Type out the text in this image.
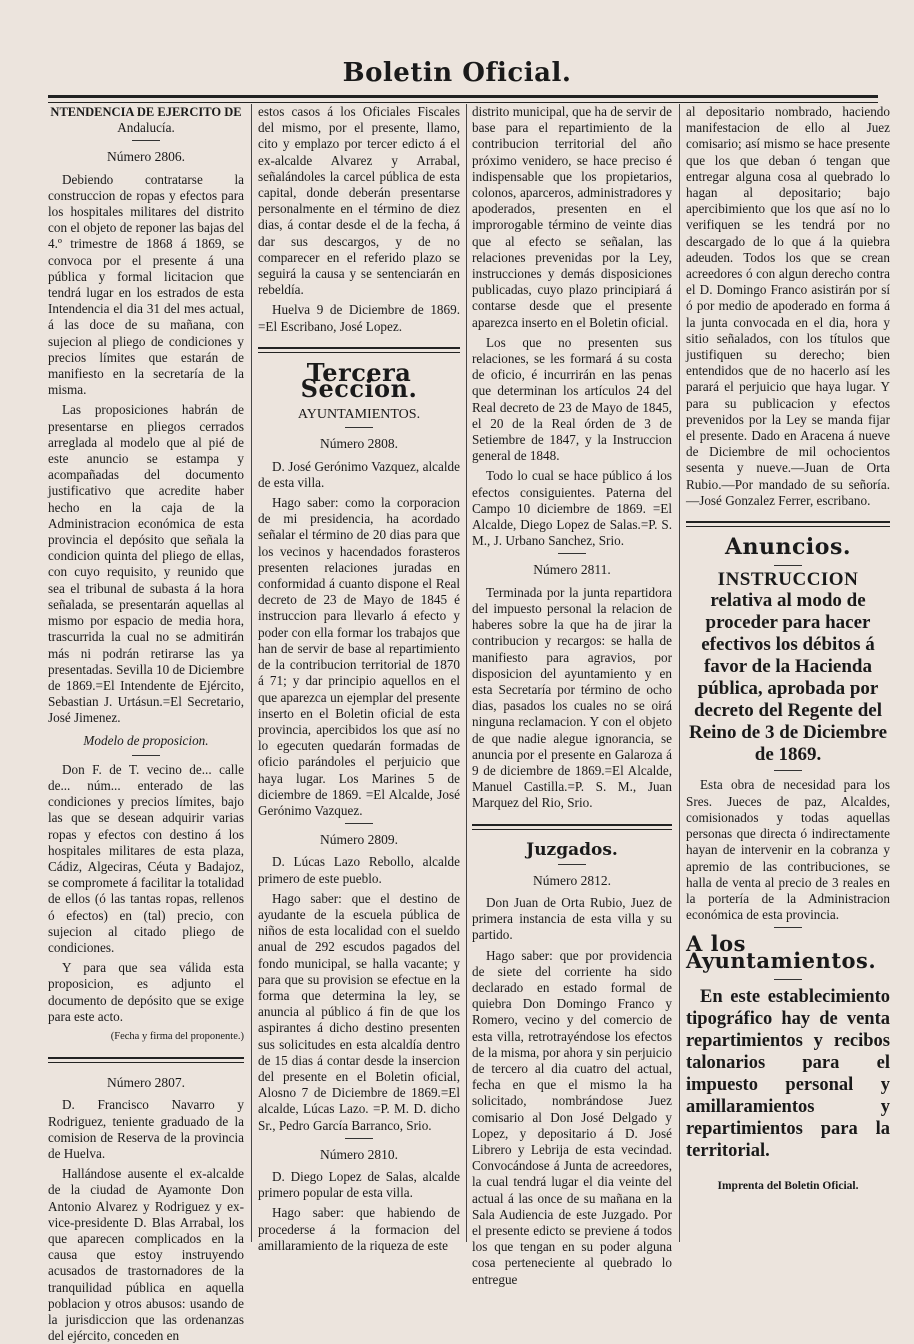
Boletin Oficial.
NTENDENCIA DE EJERCITO DE
Andalucía.
Número 2806.

Debiendo contratarse la construccion de ropas y efectos para los hospitales militares del distrito con el objeto de reponer las bajas del 4.º trimestre de 1868 á 1869, se convoca por el presente á una pública y formal licitacion que tendrá lugar en los estrados de esta Intendencia el dia 31 del mes actual, á las doce de su mañana, con sujecion al pliego de condiciones y precios límites que estarán de manifiesto en la secretaría de la misma.

Las proposiciones habrán de presentarse en pliegos cerrados arreglada al modelo que al pié de este anuncio se estampa y acompañadas del documento justificativo que acredite haber hecho en la caja de la Administracion económica de esta provincia el depósito que señala la condicion quinta del pliego de ellas, con cuyo requisito, y reunido que sea el tribunal de subasta á la hora señalada, se presentarán aquellas al mismo por espacio de media hora, trascurrida la cual no se admitirán más ni podrán retirarse las ya presentadas. Sevilla 10 de Diciembre de 1869.=El Intendente de Ejército, Sebastian J. Urtásun.=El Secretario, José Jimenez.

Modelo de proposicion.

Don F. de T. vecino de... calle de... núm... enterado de las condiciones y precios límites, bajo las que se desean adquirir varias ropas y efectos con destino á los hospitales militares de esta plaza, Cádiz, Algeciras, Céuta y Badajoz, se compromete á facilitar la totalidad de ellos (ó las tantas ropas, rellenos ó efectos) en (tal) precio, con sujecion al citado pliego de condiciones.

Y para que sea válida esta proposicion, es adjunto el documento de depósito que se exige para este acto.

(Fecha y firma del proponente.)
Número 2807.

D. Francisco Navarro y Rodriguez, teniente graduado de la comision de Reserva de la provincia de Huelva.

Hallándose ausente el ex-alcalde de la ciudad de Ayamonte Don Antonio Alvarez y Rodriguez y ex-vice-presidente D. Blas Arrabal, los que aparecen complicados en la causa que estoy instruyendo acusados de trastornadores de la tranquilidad pública en aquella poblacion y otros abusos: usando de la jurisdiccion que las ordenanzas del ejército, conceden en

estos casos á los Oficiales Fiscales del mismo, por el presente, llamo, cito y emplazo por tercer edicto á el ex-alcalde Alvarez y Arrabal, señalándoles la carcel pública de esta capital, donde deberán presentarse personalmente en el término de diez dias, á contar desde el de la fecha, á dar sus descargos, y de no comparecer en el referido plazo se seguirá la causa y se sentenciarán en rebeldía.

Huelva 9 de Diciembre de 1869. =El Escribano, José Lopez.

Tercera Seccion.
AYUNTAMIENTOS.
Número 2808.

D. José Gerónimo Vazquez, alcalde de esta villa.

Hago saber: como la corporacion de mi presidencia, ha acordado señalar el término de 20 dias para que los vecinos y hacendados forasteros presenten relaciones juradas en conformidad á cuanto dispone el Real decreto de 23 de Mayo de 1845 é instruccion para llevarlo á efecto y poder con ella formar los trabajos que han de servir de base al repartimiento de la contribucion territorial de 1870 á 71; y dar principio aquellos en el que aparezca un ejemplar del presente inserto en el Boletin oficial de esta provincia, apercibidos los que así no lo egecuten quedarán formadas de oficio parándoles el perjuicio que haya lugar. Los Marines 5 de diciembre de 1869. =El Alcalde, José Gerónimo Vazquez.

Número 2809.

D. Lúcas Lazo Rebollo, alcalde primero de este pueblo.

Hago saber: que el destino de ayudante de la escuela pública de niños de esta localidad con el sueldo anual de 292 escudos pagados del fondo municipal, se halla vacante; y para que su provision se efectue en la forma que determina la ley, se anuncia al público á fin de que los aspirantes á dicho destino presenten sus solicitudes en esta alcaldía dentro de 15 dias á contar desde la insercion del presente en el Boletin oficial, Alosno 7 de Diciembre de 1869.=El alcalde, Lúcas Lazo. =P. M. D. dicho Sr., Pedro García Barranco, Srio.

Número 2810.

D. Diego Lopez de Salas, alcalde primero popular de esta villa.

Hago saber: que habiendo de procederse á la formacion del amillaramiento de la riqueza de este

distrito municipal, que ha de servir de base para el repartimiento de la contribucion territorial del año próximo venidero, se hace preciso é indispensable que los propietarios, colonos, aparceros, administradores y apoderados, presenten en el improrogable término de veinte dias que al efecto se señalan, las relaciones prevenidas por la Ley, instrucciones y demás disposiciones publicadas, cuyo plazo principiará á contarse desde que el presente aparezca inserto en el Boletin oficial.

Los que no presenten sus relaciones, se les formará á su costa de oficio, é incurrirán en las penas que determinan los artículos 24 del Real decreto de 23 de Mayo de 1845, el 20 de la Real órden de 3 de Setiembre de 1847, y la Instruccion general de 1848.

Todo lo cual se hace público á los efectos consiguientes. Paterna del Campo 10 diciembre de 1869. =El Alcalde, Diego Lopez de Salas.=P. S. M., J. Urbano Sanchez, Srio.

Número 2811.

Terminada por la junta repartidora del impuesto personal la relacion de haberes sobre la que ha de jirar la contribucion y recargos: se halla de manifiesto para agravios, por disposicion del ayuntamiento y en esta Secretaría por término de ocho dias, pasados los cuales no se oirá ninguna reclamacion. Y con el objeto de que nadie alegue ignorancia, se anuncia por el presente en Galaroza á 9 de diciembre de 1869.=El Alcalde, Manuel Castilla.=P. S. M., Juan Marquez del Rio, Srio.

Juzgados.
Número 2812.

Don Juan de Orta Rubio, Juez de primera instancia de esta villa y su partido.

Hago saber: que por providencia de siete del corriente ha sido declarado en estado formal de quiebra Don Domingo Franco y Romero, vecino y del comercio de esta villa, retrotrayéndose los efectos de la misma, por ahora y sin perjuicio de tercero al dia cuatro del actual, fecha en que el mismo la ha solicitado, nombrándose Juez comisario al Don José Delgado y Lopez, y depositario á D. José Librero y Lebrija de esta vecindad. Convocándose á Junta de acreedores, la cual tendrá lugar el dia veinte del actual á las once de su mañana en la Sala Audiencia de este Juzgado. Por el presente edicto se previene á todos los que tengan en su poder alguna cosa perteneciente al quebrado lo entregue

al depositario nombrado, haciendo manifestacion de ello al Juez comisario; así mismo se hace presente que los que deban ó tengan que entregar alguna cosa al quebrado lo hagan al depositario; bajo apercibimiento que los que así no lo verifiquen se les tendrá por no descargado de lo que á la quiebra adeuden. Todos los que se crean acreedores ó con algun derecho contra el D. Domingo Franco asistirán por sí ó por medio de apoderado en forma á la junta convocada en el dia, hora y sitio señalados, con los títulos que justifiquen su derecho; bien entendidos que de no hacerlo así les parará el perjuicio que haya lugar. Y para su publicacion y efectos prevenidos por la Ley se manda fijar el presente. Dado en Aracena á nueve de Diciembre de mil ochocientos sesenta y nueve.—Juan de Orta Rubio.—Por mandado de su señoría.—José Gonzalez Ferrer, escribano.

Anuncios.
INSTRUCCION
relativa al modo de proceder para hacer efectivos los débitos á favor de la Hacienda pública, aprobada por decreto del Regente del Reino de 3 de Diciembre de 1869.

Esta obra de necesidad para los Sres. Jueces de paz, Alcaldes, comisionados y todas aquellas personas que directa ó indirectamente hayan de intervenir en la cobranza y apremio de las contribuciones, se halla de venta al precio de 3 reales en la portería de la Administracion económica de esta provincia.

A los Ayuntamientos.

En este establecimiento tipográfico hay de venta repartimientos y recibos talonarios para el impuesto personal y amillaramientos y repartimientos para la territorial.

Imprenta del Boletin Oficial.
